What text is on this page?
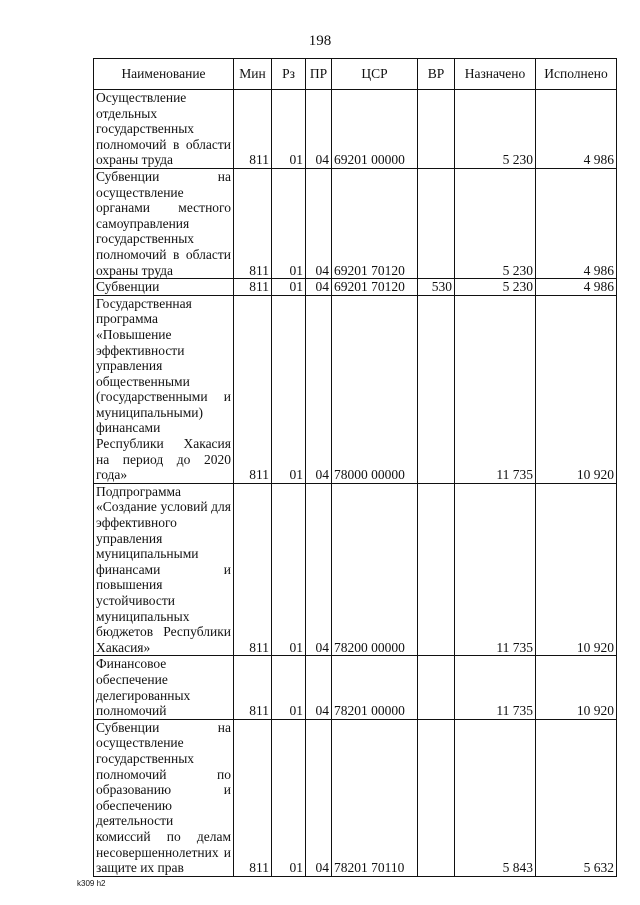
198
Наименование	Мин	Рз	ПР	ЦСР	ВР	Назначено	Исполнено
Осуществление отдельных государственных полномочий в области охраны труда	811	01	04	69201 00000		5 230	4 986
Субвенции на осуществление органами местного самоуправления государственных полномочий в области охраны труда	811	01	04	69201 70120		5 230	4 986
Субвенции	811	01	04	69201 70120	530	5 230	4 986
Государственная программа «Повышение эффективности управления общественными (государственными и муниципальными) финансами Республики Хакасия на период до 2020 года»	811	01	04	78000 00000		11 735	10 920
Подпрограмма «Создание условий для эффективного управления муниципальными финансами и повышения устойчивости муниципальных бюджетов Республики Хакасия»	811	01	04	78200 00000		11 735	10 920
Финансовое обеспечение делегированных полномочий	811	01	04	78201 00000		11 735	10 920
Субвенции на осуществление государственных полномочий по образованию и обеспечению деятельности комиссий по делам несовершеннолетних и защите их прав	811	01	04	78201 70110		5 843	5 632
k309 h2
